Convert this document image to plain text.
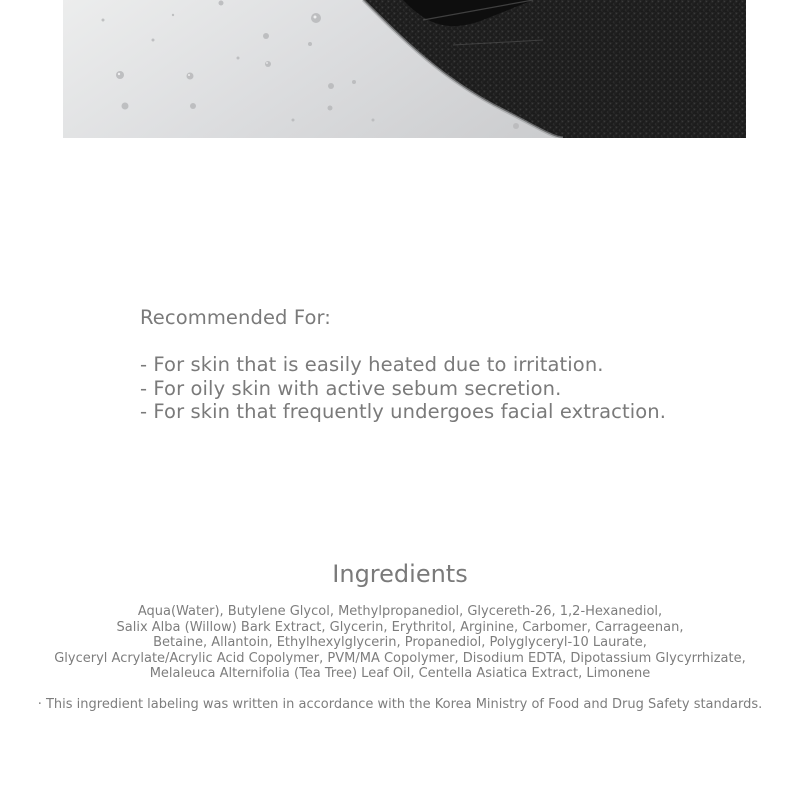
Recommended For:

- For skin that is easily heated due to irritation.

- For oily skin with active sebum secretion.

- For skin that frequently undergoes facial extraction.

Ingredients
Aqua(Water), Butylene Glycol, Methylpropanediol, Glycereth-26, 1,2-Hexanediol,
Salix Alba (Willow) Bark Extract, Glycerin, Erythritol, Arginine, Carbomer, Carrageenan,
Betaine, Allantoin, Ethylhexylglycerin, Propanediol, Polyglyceryl-10 Laurate,
Glyceryl Acrylate/Acrylic Acid Copolymer, PVM/MA Copolymer, Disodium EDTA, Dipotassium Glycyrrhizate,
Melaleuca Alternifolia (Tea Tree) Leaf Oil, Centella Asiatica Extract, Limonene
· This ingredient labeling was written in accordance with the Korea Ministry of Food and Drug Safety standards.
